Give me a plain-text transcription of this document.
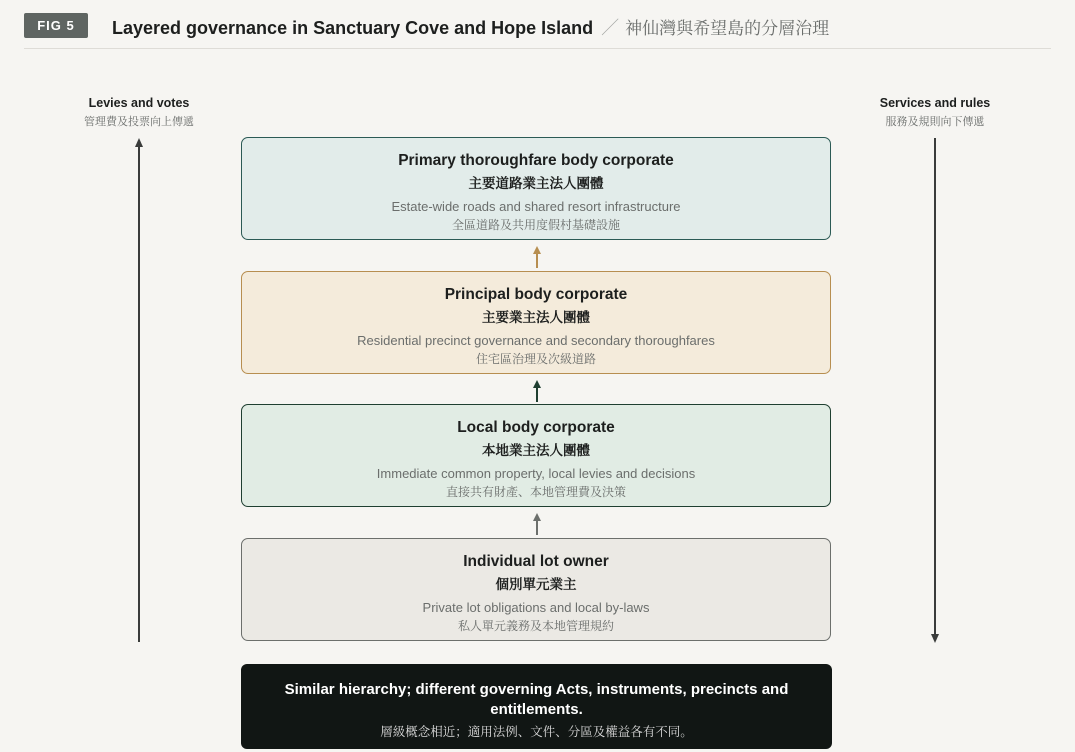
FIG 5	Layered governance in Sanctuary Cove and Hope Island ／ 神仙灣與希望島的分層治理
Levies and votes
管理費及投票向上傳遞
Services and rules
服務及規則向下傳遞
Primary thoroughfare body corporate
主要道路業主法人團體
Estate-wide roads and shared resort infrastructure
全區道路及共用度假村基礎設施
Principal body corporate
主要業主法人團體
Residential precinct governance and secondary thoroughfares
住宅區治理及次級道路
Local body corporate
本地業主法人團體
Immediate common property, local levies and decisions
直接共有財產、本地管理費及決策
Individual lot owner
個別單元業主
Private lot obligations and local by-laws
私人單元義務及本地管理規約
Similar hierarchy; different governing Acts, instruments, precincts and entitlements.
層級概念相近；適用法例、文件、分區及權益各有不同。
